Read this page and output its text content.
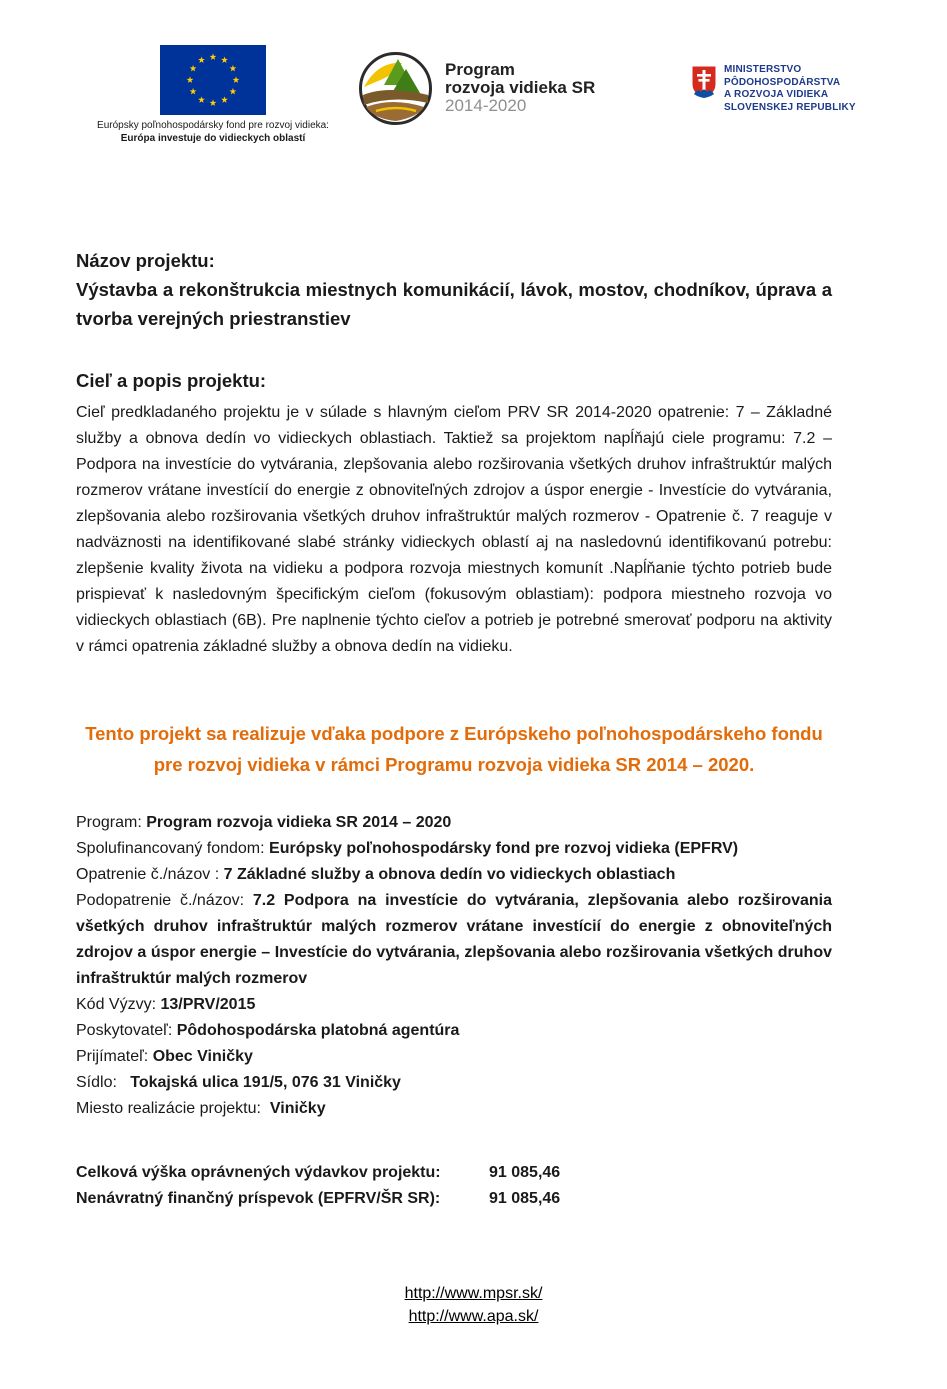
Európsky poľnohospodársky fond pre rozvoj vidieka:
Európa investuje do vidieckych oblastí
Program
rozvoja vidieka SR
2014-2020
MINISTERSTVO
PÔDOHOSPODÁRSTVA
A ROZVOJA VIDIEKA
SLOVENSKEJ REPUBLIKY
Názov projektu:
Výstavba a rekonštrukcia miestnych komunikácií, lávok, mostov, chodníkov, úprava a tvorba verejných priestranstiev
Cieľ a popis projektu:
Cieľ predkladaného projektu je v súlade s hlavným cieľom PRV SR 2014-2020 opatrenie: 7 – Základné služby a obnova dedín vo vidieckych oblastiach. Taktiež sa projektom napĺňajú ciele programu: 7.2 – Podpora na investície do vytvárania, zlepšovania alebo rozširovania všetkých druhov infraštruktúr malých rozmerov vrátane investícií do energie z obnoviteľných zdrojov a úspor energie - Investície do vytvárania, zlepšovania alebo rozširovania všetkých druhov infraštruktúr malých rozmerov - Opatrenie č. 7 reaguje v nadväznosti na identifikované slabé stránky vidieckych oblastí aj na nasledovnú identifikovanú potrebu: zlepšenie kvality života na vidieku a podpora rozvoja miestnych komunít .Napĺňanie týchto potrieb bude prispievať k nasledovným špecifickým cieľom (fokusovým oblastiam): podpora miestneho rozvoja vo vidieckych oblastiach (6B). Pre naplnenie týchto cieľov a potrieb je potrebné smerovať podporu na aktivity v rámci opatrenia základné služby a obnova dedín na vidieku.
Tento projekt sa realizuje vďaka podpore z Európskeho poľnohospodárskeho fondu pre rozvoj vidieka v rámci Programu rozvoja vidieka SR 2014 – 2020.
Program: Program rozvoja vidieka SR 2014 – 2020
Spolufinancovaný fondom: Európsky poľnohospodársky fond pre rozvoj vidieka (EPFRV)
Opatrenie č./názov : 7 Základné služby a obnova dedín vo vidieckych oblastiach
Podopatrenie č./názov: 7.2 Podpora na investície do vytvárania, zlepšovania alebo rozširovania všetkých druhov infraštruktúr malých rozmerov vrátane investícií do energie z obnoviteľných zdrojov a úspor energie – Investície do vytvárania, zlepšovania alebo rozširovania všetkých druhov infraštruktúr malých rozmerov
Kód Výzvy: 13/PRV/2015
Poskytovateľ: Pôdohospodárska platobná agentúra
Prijímateľ: Obec Viničky
Sídlo:   Tokajská ulica 191/5, 076 31 Viničky
Miesto realizácie projektu:  Viničky
Celková výška oprávnených výdavkov projektu:	91 085,46
Nenávratný finančný príspevok (EPFRV/ŠR SR):	91 085,46
http://www.mpsr.sk/
http://www.apa.sk/
